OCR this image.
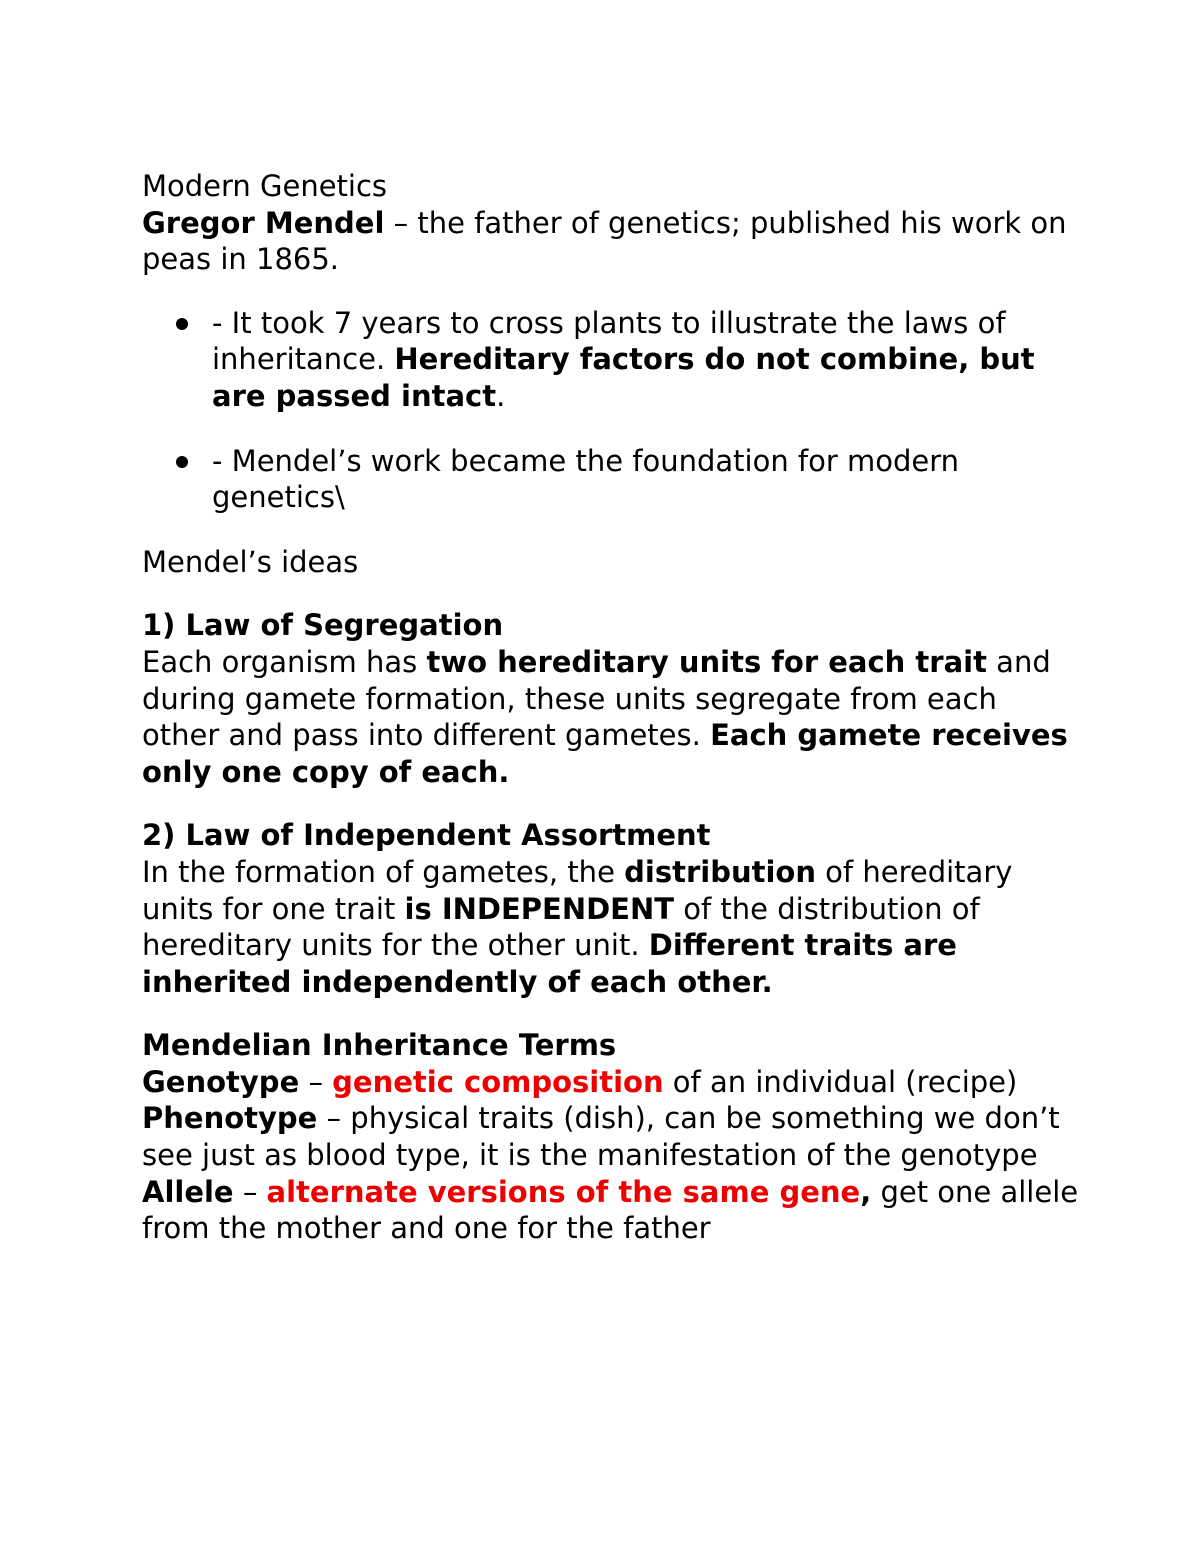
Modern Genetics

Gregor Mendel – the father of genetics; published his work on peas in 1865.

- It took 7 years to cross plants to illustrate the laws of inheritance. Hereditary factors do not combine, but are passed intact.
- Mendel’s work became the foundation for modern genetics\

Mendel’s ideas

1) Law of Segregation

Each organism has two hereditary units for each trait and during gamete formation, these units segregate from each other and pass into different gametes. Each gamete receives only one copy of each.

2) Law of Independent Assortment

In the formation of gametes, the distribution of hereditary units for one trait is INDEPENDENT of the distribution of hereditary units for the other unit. Different traits are inherited independently of each other.

Mendelian Inheritance Terms

Genotype – genetic composition of an individual (recipe)

Phenotype – physical traits (dish), can be something we don’t see just as blood type, it is the manifestation of the genotype

Allele – alternate versions of the same gene, get one allele from the mother and one for the father
